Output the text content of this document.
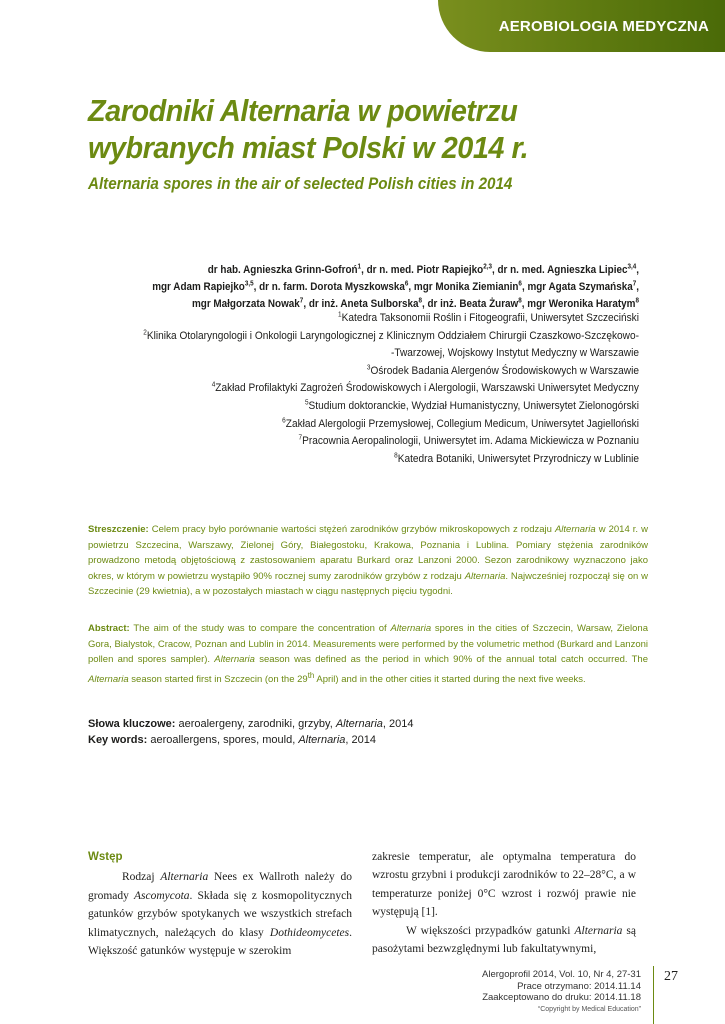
AEROBIOLOGIA MEDYCZNA
Zarodniki Alternaria w powietrzu
wybranych miast Polski w 2014 r.
Alternaria spores in the air of selected Polish cities in 2014
dr hab. Agnieszka Grinn-Gofroń$^1$, dr n. med. Piotr Rapiejko$^{2,3}$, dr n. med. Agnieszka Lipiec$^{3,4}$,
mgr Adam Rapiejko$^{3,5}$, dr n. farm. Dorota Myszkowska$^6$, mgr Monika Ziemianin$^6$, mgr Agata Szymańska$^7$,
mgr Małgorzata Nowak$^7$, dr inż. Aneta Sulborska$^8$, dr inż. Beata Żuraw$^8$, mgr Weronika Haratym$^8$
$^1$Katedra Taksonomii Roślin i Fitogeografii, Uniwersytet Szczeciński
$^2$Klinika Otolaryngologii i Onkologii Laryngologicznej z Klinicznym Oddziałem Chirurgii Czaszkowo-Szczękowo-
-Twarzowej, Wojskowy Instytut Medyczny w Warszawie
$^3$Ośrodek Badania Alergenów Środowiskowych w Warszawie
$^4$Zakład Profilaktyki Zagrożeń Środowiskowych i Alergologii, Warszawski Uniwersytet Medyczny
$^5$Studium doktoranckie, Wydział Humanistyczny, Uniwersytet Zielonogórski
$^6$Zakład Alergologii Przemysłowej, Collegium Medicum, Uniwersytet Jagielloński
$^7$Pracownia Aeropalinologii, Uniwersytet im. Adama Mickiewicza w Poznaniu
$^8$Katedra Botaniki, Uniwersytet Przyrodniczy w Lublinie

Streszczenie: Celem pracy było porównanie wartości stężeń zarodników grzybów mikroskopowych z rodzaju Alternaria w 2014 r. w powietrzu Szczecina, Warszawy, Zielonej Góry, Białegostoku, Krakowa, Poznania i Lublina. Pomiary stężenia zarodników prowadzono metodą objętościową z zastosowaniem aparatu Burkard oraz Lanzoni 2000. Sezon zarodnikowy wyznaczono jako okres, w którym w powietrzu wystąpiło 90% rocznej sumy zarodników grzybów z rodzaju Alternaria. Najwcześniej rozpoczął się on w Szczecinie (29 kwietnia), a w pozostałych miastach w ciągu następnych pięciu tygodni.

Abstract: The aim of the study was to compare the concentration of Alternaria spores in the cities of Szczecin, Warsaw, Zielona Gora, Bialystok, Cracow, Poznan and Lublin in 2014. Measurements were performed by the volumetric method (Burkard and Lanzoni pollen and spores sampler). Alternaria season was defined as the period in which 90% of the annual total catch occurred. The Alternaria season started first in Szczecin (on the 29th April) and in the other cities it started during the next five weeks.

Słowa kluczowe: aeroalergeny, zarodniki, grzyby, Alternaria, 2014
Key words: aeroallergens, spores, mould, Alternaria, 2014
Wstęp
Rodzaj Alternaria Nees ex Wallroth należy do gromady Ascomycota. Składa się z kosmopolitycznych gatunków grzybów spotykanych we wszystkich strefach klimatycznych, należących do klasy Dothideomycetes. Większość gatunków występuje w szerokim
zakresie temperatur, ale optymalna temperatura do wzrostu grzybni i produkcji zarodników to 22–28°C, a w temperaturze poniżej 0°C wzrost i rozwój prawie nie występują [1].
W większości przypadków gatunki Alternaria są pasożytami bezwzględnymi lub fakultatywnymi,
Alergoprofil 2014, Vol. 10, Nr 4, 27-31
Prace otrzymano: 2014.11.14
Zaakceptowano do druku: 2014.11.18
“Copyright by Medical Education”
27
